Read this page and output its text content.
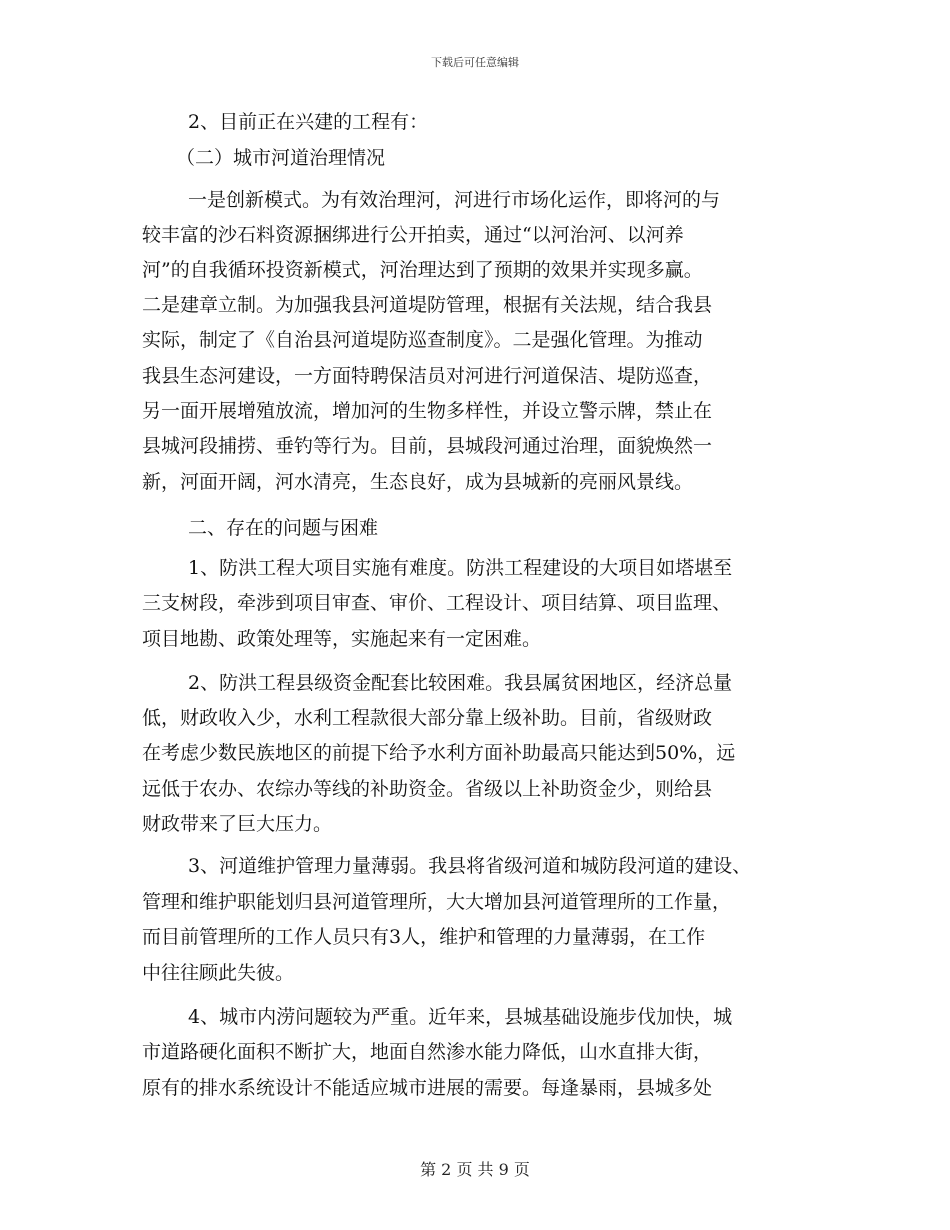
下载后可任意编辑
2、目前正在兴建的工程有：
（二）城市河道治理情况
一是创新模式。为有效治理河，河进行市场化运作，即将河的与
较丰富的沙石料资源捆绑进行公开拍卖，通过“以河治河、以河养
河”的自我循环投资新模式，河治理达到了预期的效果并实现多赢。
二是建章立制。为加强我县河道堤防管理，根据有关法规，结合我县
实际，制定了《自治县河道堤防巡查制度》。二是强化管理。为推动
我县生态河建设，一方面特聘保洁员对河进行河道保洁、堤防巡查，
另一面开展增殖放流，增加河的生物多样性，并设立警示牌，禁止在
县城河段捕捞、垂钓等行为。目前，县城段河通过治理，面貌焕然一
新，河面开阔，河水清亮，生态良好，成为县城新的亮丽风景线。
二、存在的问题与困难
1、防洪工程大项目实施有难度。防洪工程建设的大项目如塔堪至
三支树段，牵涉到项目审查、审价、工程设计、项目结算、项目监理、
项目地勘、政策处理等，实施起来有一定困难。
2、防洪工程县级资金配套比较困难。我县属贫困地区，经济总量
低，财政收入少，水利工程款很大部分靠上级补助。目前，省级财政
在考虑少数民族地区的前提下给予水利方面补助最高只能达到50%，远
远低于农办、农综办等线的补助资金。省级以上补助资金少，则给县
财政带来了巨大压力。
3、河道维护管理力量薄弱。我县将省级河道和城防段河道的建设、
管理和维护职能划归县河道管理所，大大增加县河道管理所的工作量，
而目前管理所的工作人员只有3人，维护和管理的力量薄弱，在工作
中往往顾此失彼。
4、城市内涝问题较为严重。近年来，县城基础设施步伐加快，城
市道路硬化面积不断扩大，地面自然渗水能力降低，山水直排大街，
原有的排水系统设计不能适应城市进展的需要。每逢暴雨，县城多处
第 2 页 共 9 页
